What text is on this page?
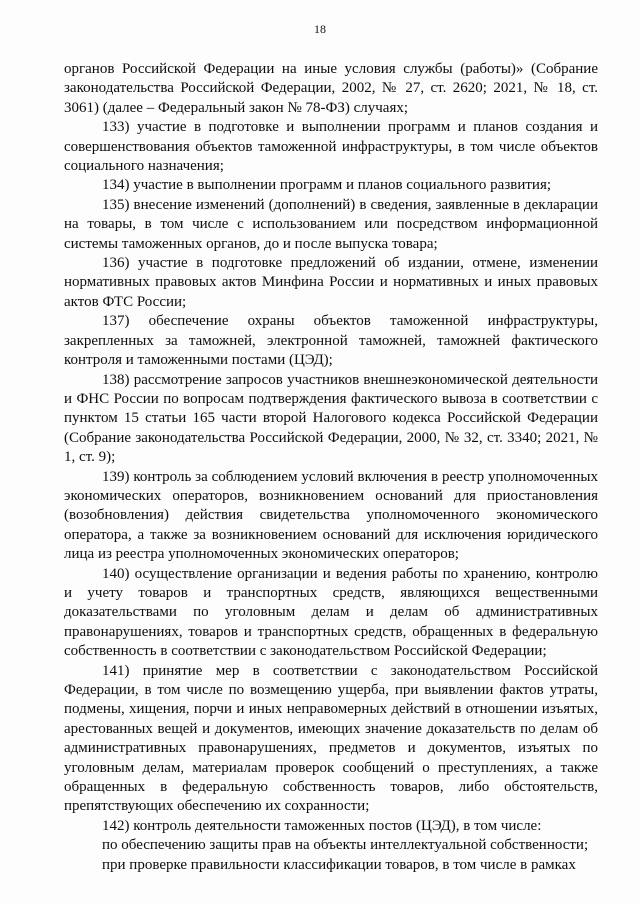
18

органов Российской Федерации на иные условия службы (работы)» (Собрание законодательства Российской Федерации, 2002, № 27, ст. 2620; 2021, № 18, ст. 3061) (далее – Федеральный закон № 78-ФЗ) случаях;

133) участие в подготовке и выполнении программ и планов создания и совершенствования объектов таможенной инфраструктуры, в том числе объектов социального назначения;

134) участие в выполнении программ и планов социального развития;

135) внесение изменений (дополнений) в сведения, заявленные в декларации на товары, в том числе с использованием или посредством информационной системы таможенных органов, до и после выпуска товара;

136) участие в подготовке предложений об издании, отмене, изменении нормативных правовых актов Минфина России и нормативных и иных правовых актов ФТС России;

137) обеспечение охраны объектов таможенной инфраструктуры, закрепленных за таможней, электронной таможней, таможней фактического контроля и таможенными постами (ЦЭД);

138) рассмотрение запросов участников внешнеэкономической деятельности и ФНС России по вопросам подтверждения фактического вывоза в соответствии с пунктом 15 статьи 165 части второй Налогового кодекса Российской Федерации (Собрание законодательства Российской Федерации, 2000, № 32, ст. 3340; 2021, № 1, ст. 9);

139) контроль за соблюдением условий включения в реестр уполномоченных экономических операторов, возникновением оснований для приостановления (возобновления) действия свидетельства уполномоченного экономического оператора, а также за возникновением оснований для исключения юридического лица из реестра уполномоченных экономических операторов;

140) осуществление организации и ведения работы по хранению, контролю и учету товаров и транспортных средств, являющихся вещественными доказательствами по уголовным делам и делам об административных правонарушениях, товаров и транспортных средств, обращенных в федеральную собственность в соответствии с законодательством Российской Федерации;

141) принятие мер в соответствии с законодательством Российской Федерации, в том числе по возмещению ущерба, при выявлении фактов утраты, подмены, хищения, порчи и иных неправомерных действий в отношении изъятых, арестованных вещей и документов, имеющих значение доказательств по делам об административных правонарушениях, предметов и документов, изъятых по уголовным делам, материалам проверок сообщений о преступлениях, а также обращенных в федеральную собственность товаров, либо обстоятельств, препятствующих обеспечению их сохранности;

142) контроль деятельности таможенных постов (ЦЭД), в том числе:

по обеспечению защиты прав на объекты интеллектуальной собственности;

при проверке правильности классификации товаров, в том числе в рамках
